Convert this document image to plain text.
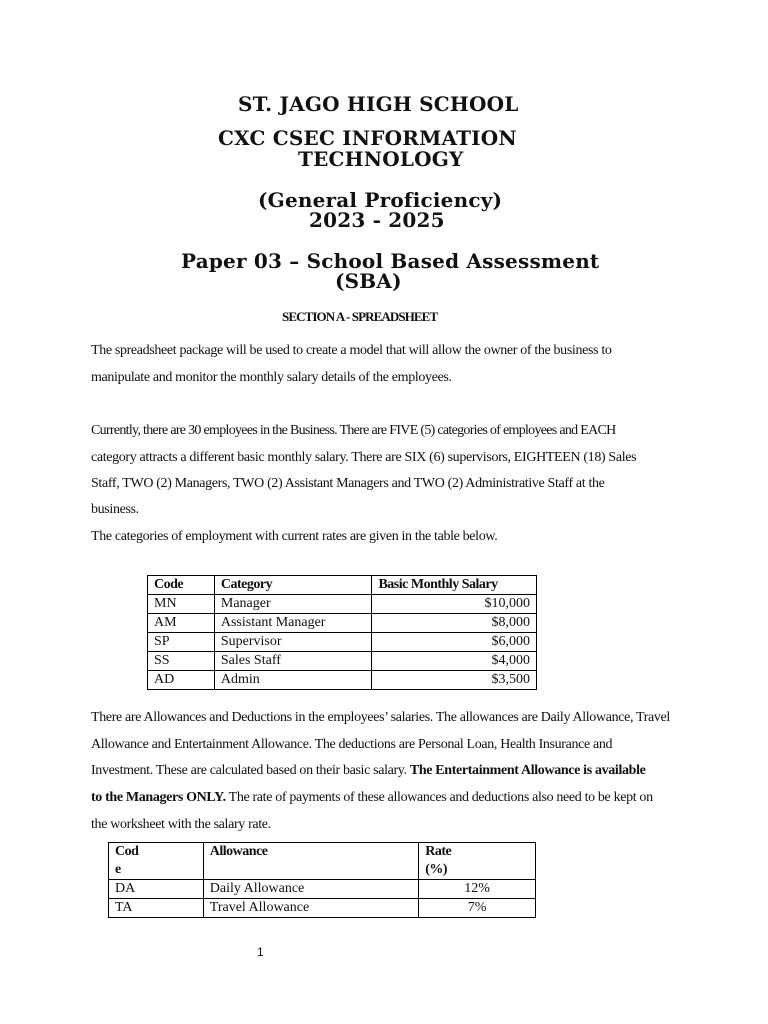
ST. JAGO HIGH SCHOOL
CXC CSEC INFORMATION
TECHNOLOGY
(General Proficiency)
2023 - 2025
Paper 03 – School Based Assessment
(SBA)
SECTION A - SPREADSHEET
The spreadsheet package will be used to create a model that will allow the owner of the business to
manipulate and monitor the monthly salary details of the employees.
Currently, there are 30 employees in the Business. There are FIVE (5) categories of employees and EACH
category attracts a different basic monthly salary. There are SIX (6) supervisors, EIGHTEEN (18) Sales
Staff, TWO (2) Managers, TWO (2) Assistant Managers and TWO (2) Administrative Staff at the
business.
The categories of employment with current rates are given in the table below.
Code	Category	Basic Monthly Salary
MN	Manager	$10,000
AM	Assistant Manager	$8,000
SP	Supervisor	$6,000
SS	Sales Staff	$4,000
AD	Admin	$3,500
There are Allowances and Deductions in the employees’ salaries. The allowances are Daily Allowance, Travel
Allowance and Entertainment Allowance. The deductions are Personal Loan, Health Insurance and
Investment. These are calculated based on their basic salary. The Entertainment Allowance is available
to the Managers ONLY. The rate of payments of these allowances and deductions also need to be kept on
the worksheet with the salary rate.
Cod
e	Allowance	Rate
(%)
DA	Daily Allowance	12%
TA	Travel Allowance	7%
1
